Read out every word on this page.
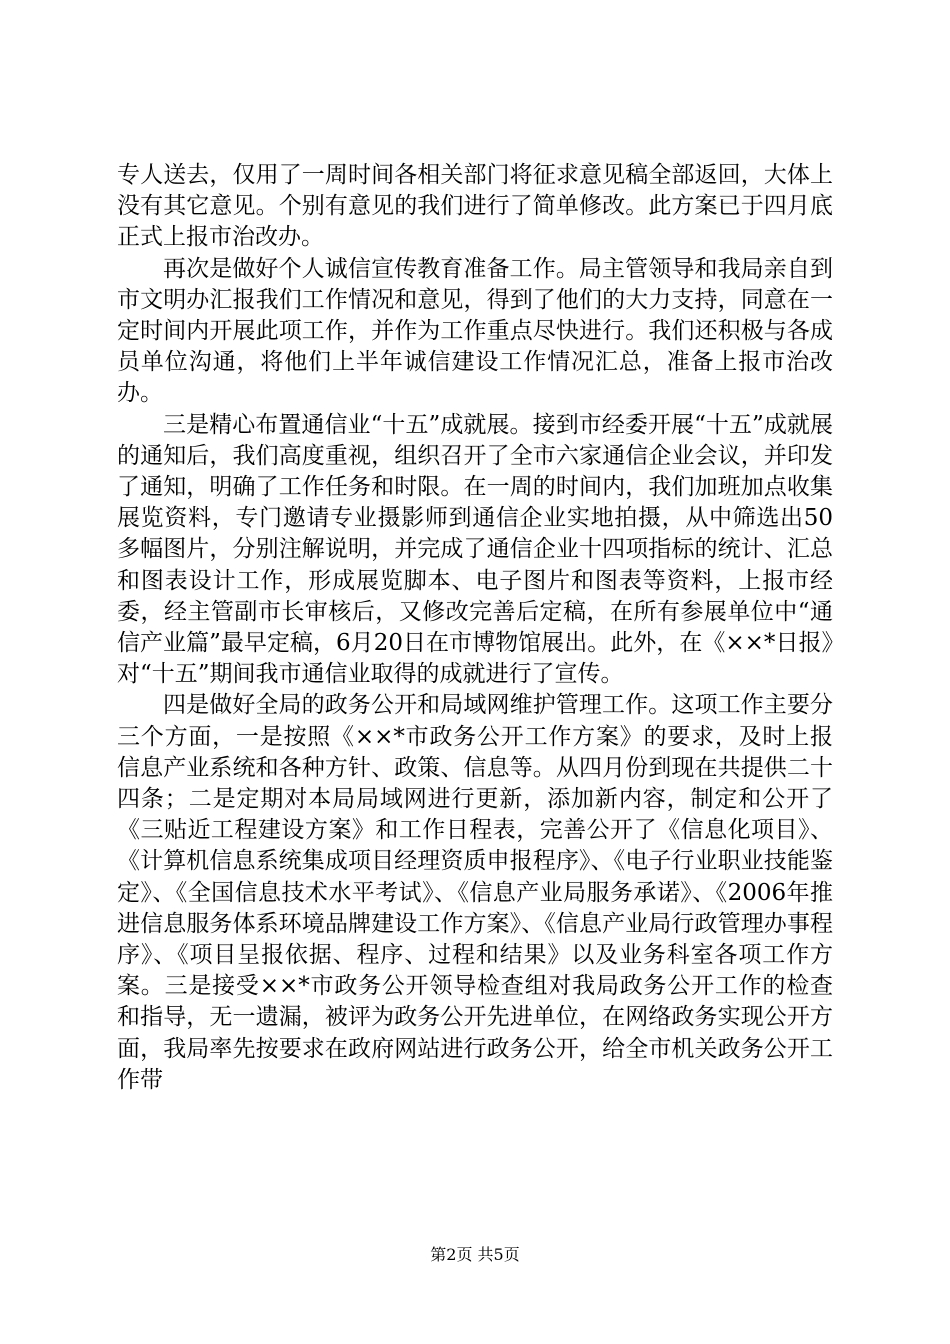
专人送去，仅用了一周时间各相关部门将征求意见稿全部返回，大体上没有其它意见。个别有意见的我们进行了简单修改。此方案已于四月底正式上报市治改办。

再次是做好个人诚信宣传教育准备工作。局主管领导和我局亲自到市文明办汇报我们工作情况和意见，得到了他们的大力支持，同意在一定时间内开展此项工作，并作为工作重点尽快进行。我们还积极与各成员单位沟通，将他们上半年诚信建设工作情况汇总，准备上报市治改办。

三是精心布置通信业“十五”成就展。接到市经委开展“十五”成就展的通知后，我们高度重视，组织召开了全市六家通信企业会议，并印发了通知，明确了工作任务和时限。在一周的时间内，我们加班加点收集展览资料，专门邀请专业摄影师到通信企业实地拍摄，从中筛选出50多幅图片，分别注解说明，并完成了通信企业十四项指标的统计、汇总和图表设计工作，形成展览脚本、电子图片和图表等资料，上报市经委，经主管副市长审核后，又修改完善后定稿，在所有参展单位中“通信产业篇”最早定稿，6月20日在市博物馆展出。此外，在《××*日报》对“十五”期间我市通信业取得的成就进行了宣传。

四是做好全局的政务公开和局域网维护管理工作。这项工作主要分三个方面，一是按照《××*市政务公开工作方案》的要求，及时上报信息产业系统和各种方针、政策、信息等。从四月份到现在共提供二十四条；二是定期对本局局域网进行更新，添加新内容，制定和公开了《三贴近工程建设方案》和工作日程表，完善公开了《信息化项目》、《计算机信息系统集成项目经理资质申报程序》、《电子行业职业技能鉴定》、《全国信息技术水平考试》、《信息产业局服务承诺》、《2006年推进信息服务体系环境品牌建设工作方案》、《信息产业局行政管理办事程序》、《项目呈报依据、程序、过程和结果》以及业务科室各项工作方案。三是接受××*市政务公开领导检查组对我局政务公开工作的检查和指导，无一遗漏，被评为政务公开先进单位，在网络政务实现公开方面，我局率先按要求在政府网站进行政务公开，给全市机关政务公开工作带

第2页 共5页
